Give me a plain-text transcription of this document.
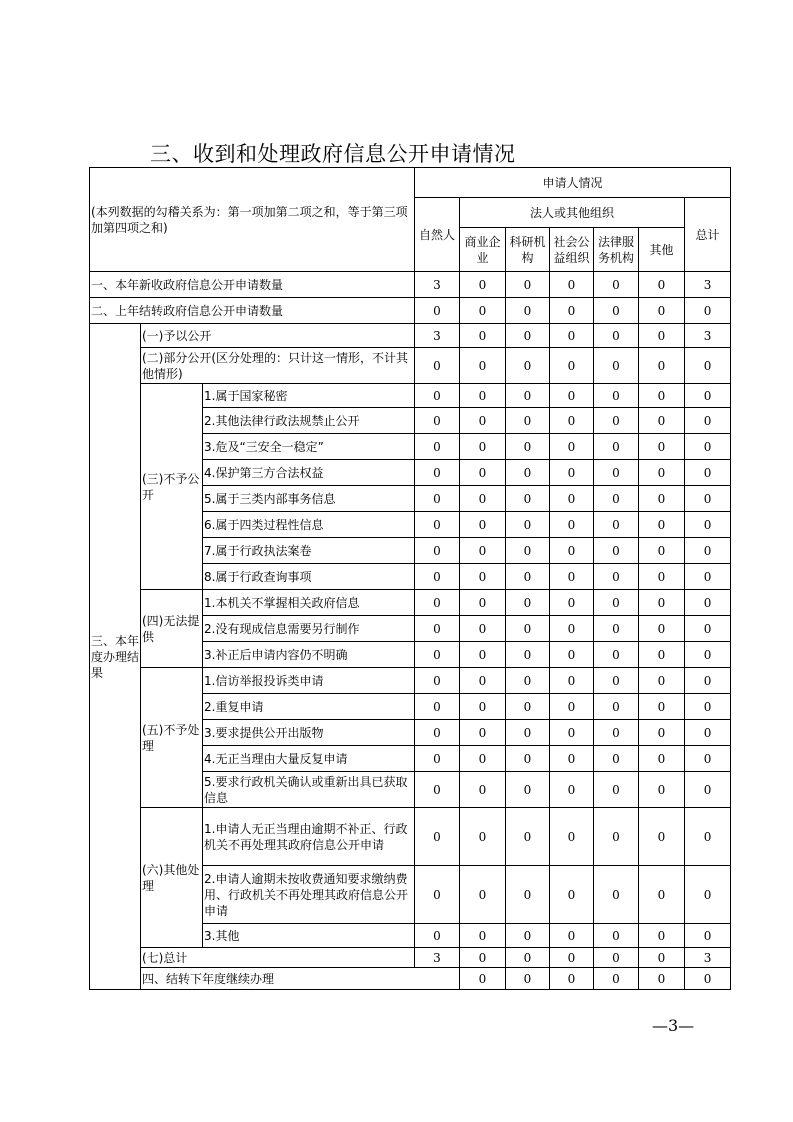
三、收到和处理政府信息公开申请情况
(本列数据的勾稽关系为：第一项加第二项之和，等于第三项加第四项之和)			申请人情况							
			自然人	法人或其他组织					总计	
				商业企业	科研机构	社会公益组织	法律服务机构	其他		
一、本年新收政府信息公开申请数量			3	0	0	0	0	0	3	
二、上年结转政府信息公开申请数量			0	0	0	0	0	0	0	
三、本年度办理结果	(一)予以公开		3	0	0	0	0	0	3	
	(二)部分公开(区分处理的：只计这一情形，不计其他情形)		0	0	0	0	0	0	0	
	(三)不予公开	1.属于国家秘密	0	0	0	0	0	0	0	
		2.其他法律行政法规禁止公开	0	0	0	0	0	0	0	
		3.危及“三安全一稳定”	0	0	0	0	0	0	0	
		4.保护第三方合法权益	0	0	0	0	0	0	0	
		5.属于三类内部事务信息	0	0	0	0	0	0	0	
		6.属于四类过程性信息	0	0	0	0	0	0	0	
		7.属于行政执法案卷	0	0	0	0	0	0	0	
		8.属于行政查询事项	0	0	0	0	0	0	0	
	(四)无法提供	1.本机关不掌握相关政府信息	0	0	0	0	0	0	0	
		2.没有现成信息需要另行制作	0	0	0	0	0	0	0	
		3.补正后申请内容仍不明确	0	0	0	0	0	0	0	
	(五)不予处理	1.信访举报投诉类申请	0	0	0	0	0	0	0	
		2.重复申请	0	0	0	0	0	0	0	
		3.要求提供公开出版物	0	0	0	0	0	0	0	
		4.无正当理由大量反复申请	0	0	0	0	0	0	0	
		5.要求行政机关确认或重新出具已获取信息	0	0	0	0	0	0	0	
	(六)其他处理	1.申请人无正当理由逾期不补正、行政机关不再处理其政府信息公开申请	0	0	0	0	0	0	0	
		2.申请人逾期未按收费通知要求缴纳费用、行政机关不再处理其政府信息公开申请	0	0	0	0	0	0	0	
		3.其他	0	0	0	0	0	0	0	
	(七)总计		3	0	0	0	0	0	3	
	四、结转下年度继续办理			0	0	0	0	0	0	
—3—
